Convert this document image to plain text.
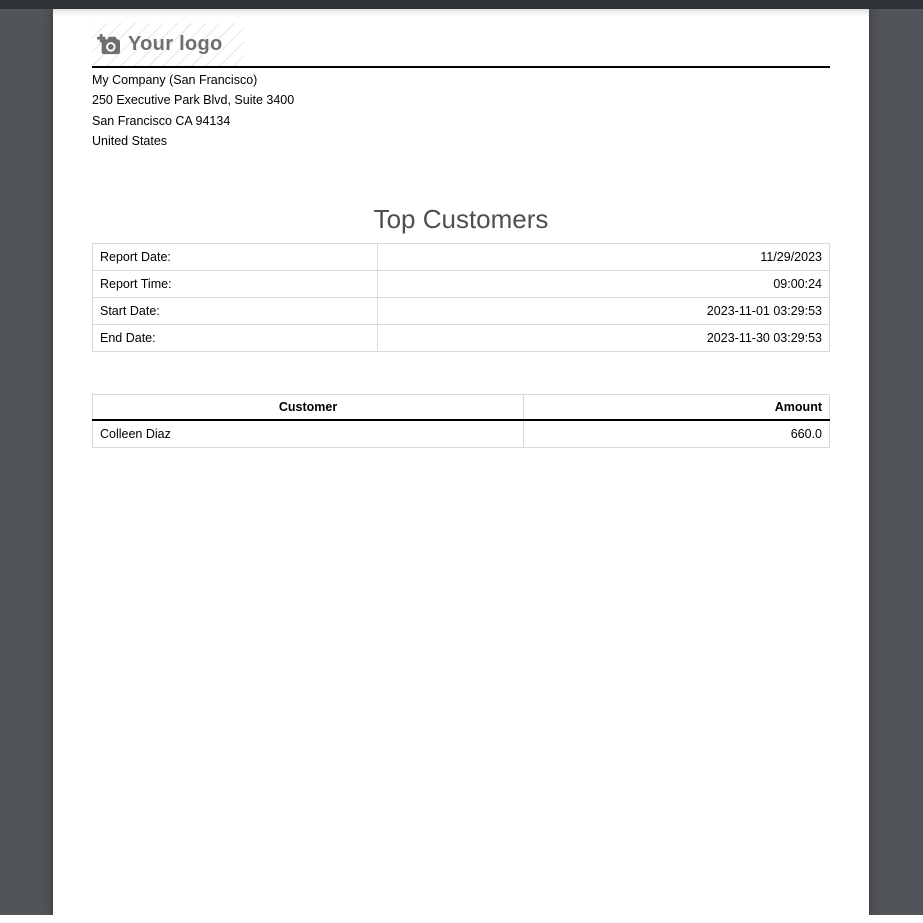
Your logo
My Company (San Francisco)
250 Executive Park Blvd, Suite 3400
San Francisco CA 94134
United States
Top Customers
Report Date:	11/29/2023
Report Time:	09:00:24
Start Date:	2023-11-01 03:29:53
End Date:	2023-11-30 03:29:53
Customer	Amount
Colleen Diaz	660.0
